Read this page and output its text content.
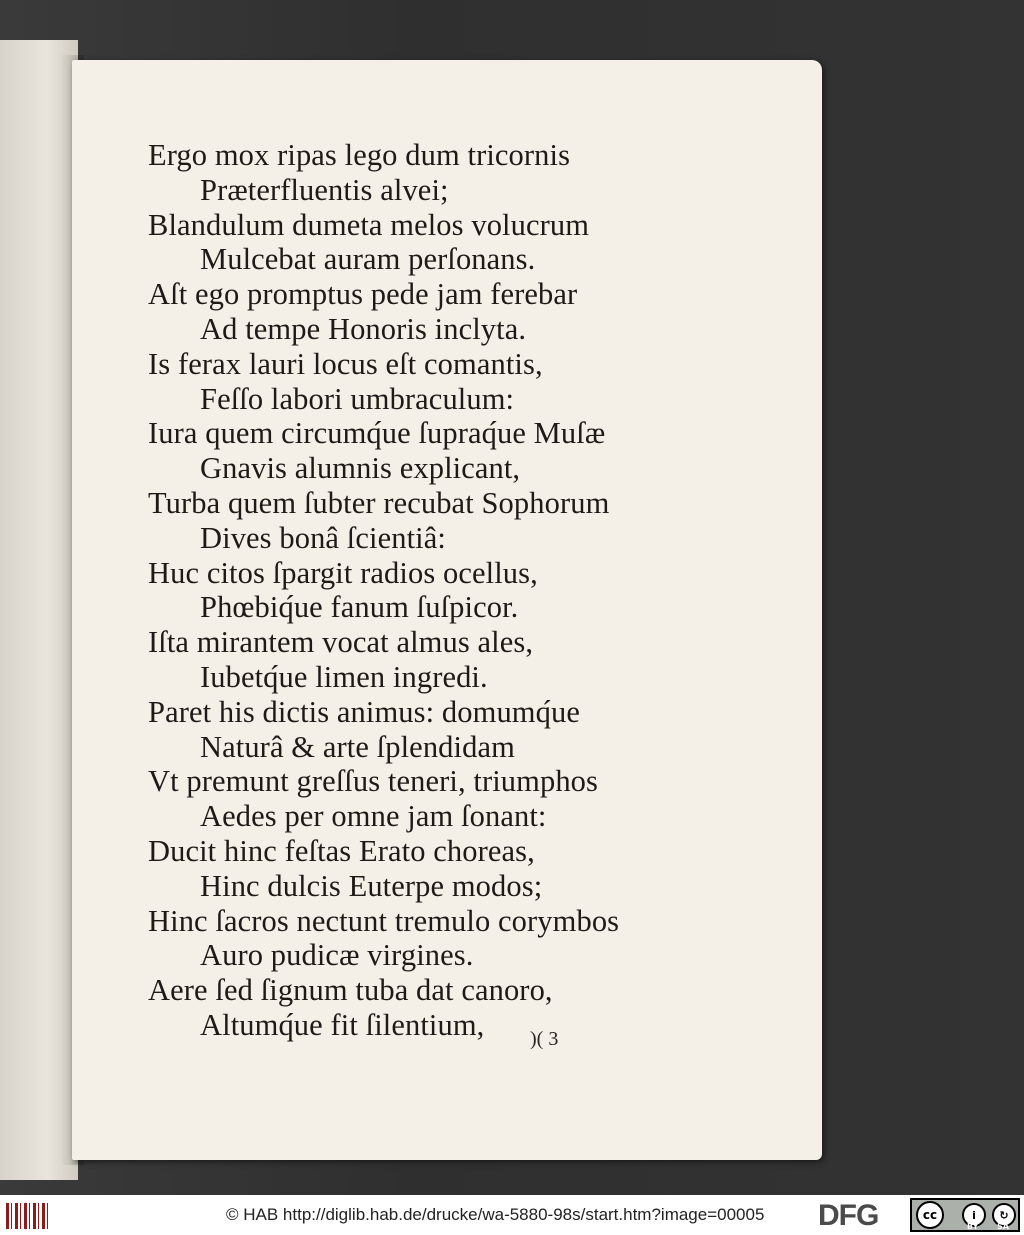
Ergo mox ripas lego dum tricornis
Præterfluentis alvei;
Blandulum dumeta melos volucrum
Mulcebat auram perſonans.
Aſt ego promptus pede jam ferebar
Ad tempe Honoris inclyta.
Is ferax lauri locus eſt comantis,
Feſſo labori umbraculum:
Iura quem circumq́ue ſupraq́ue Muſæ
Gnavis alumnis explicant,
Turba quem ſubter recubat Sophorum
Dives bonâ ſcientiâ:
Huc citos ſpargit radios ocellus,
Phœbiq́ue fanum ſuſpicor.
Iſta mirantem vocat almus ales,
Iubetq́ue limen ingredi.
Paret his dictis animus: domumq́ue
Naturâ & arte ſplendidam
Vt premunt greſſus teneri, triumphos
Aedes per omne jam ſonant:
Ducit hinc feſtas Erato choreas,
Hinc dulcis Euterpe modos;
Hinc ſacros nectunt tremulo corymbos
Auro pudicæ virgines.
Aere ſed ſignum tuba dat canoro,
Altumq́ue fit ſilentium,	)( 3
© HAB http://diglib.hab.de/drucke/wa-5880-98s/start.htm?image=00005 DFG	cc	i	↻
BY SA
